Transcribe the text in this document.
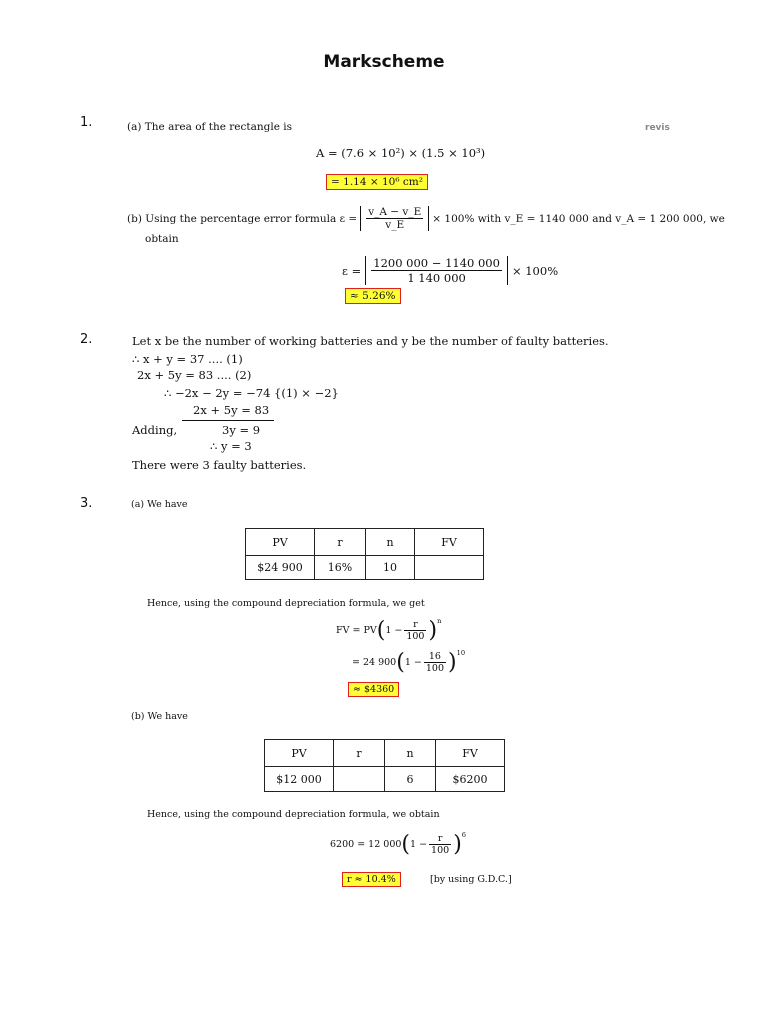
Markscheme
1.	(a) The area of the rectangle is	revis
A = (7.6 × 10²) × (1.5 × 10³)
= 1.14 × 10⁶ cm²
(b) Using the percentage error formula $\varepsilon = \frac{v\_A - v\_E}{v\_E} \times 100\%$ with v_E = 1140 000 and v_A = 1 200 000, we
obtain
$\varepsilon = \frac{1200 000 - 1140 000}{1 140 000} \times 100\%$
≈ 5.26%
2.	Let x be the number of working batteries and y be the number of faulty batteries.
∴ x + y = 37 .... (1)
2x + 5y = 83 .... (2)
∴ −2x − 2y = −74 {(1) × −2}
2x + 5y = 83
Adding,	3y = 9
∴ y = 3
There were 3 faulty batteries.
3.	(a) We have
PV	r	n	FV
$24 900	16%	10	
Hence, using the compound depreciation formula, we get
FV = PV ( $1 - \frac{r}{100} )^n$
= 24 900 ( $1 - \frac{16}{100} )^{10}$
≈ $4360
(b) We have
PV	r	n	FV
$12 000		6	$6200
Hence, using the compound depreciation formula, we obtain
6200 = 12 000 ( $1 - \frac{r}{100} )^6$
r ≈ 10.4%	[by using G.D.C.]
